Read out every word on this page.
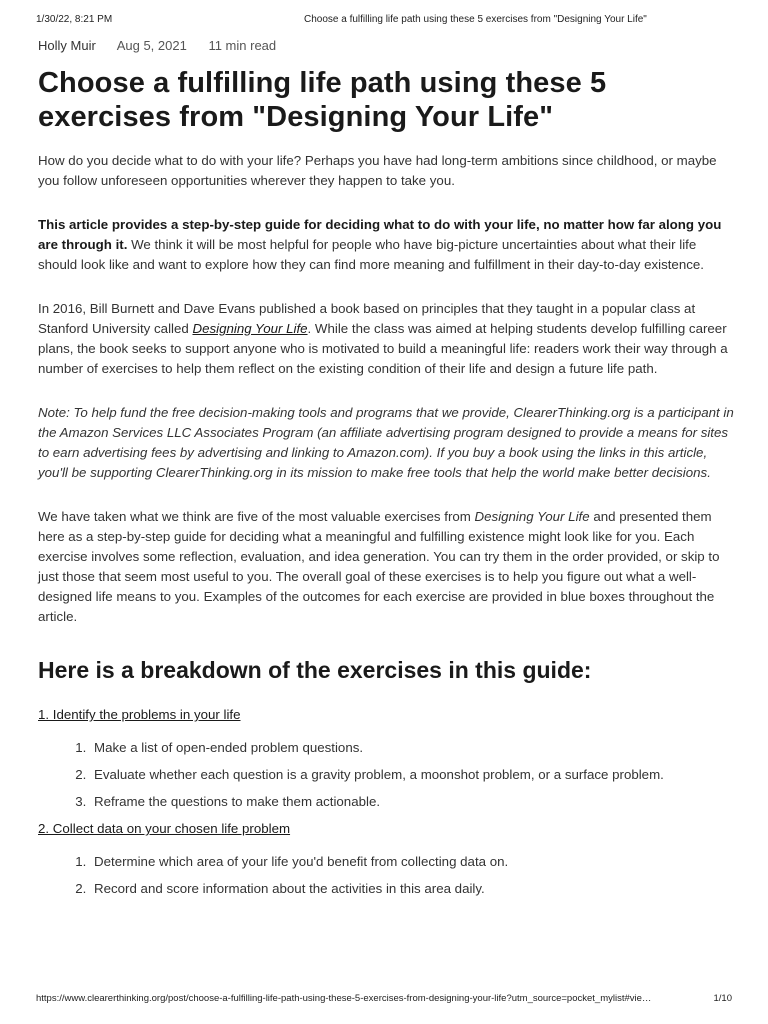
1/30/22, 8:21 PM	Choose a fulfilling life path using these 5 exercises from "Designing Your Life"
Holly Muir Aug 5, 2021 11 min read
Choose a fulfilling life path using these 5 exercises from "Designing Your Life"

How do you decide what to do with your life? Perhaps you have had long-term ambitions since childhood, or maybe you follow unforeseen opportunities wherever they happen to take you.

This article provides a step-by-step guide for deciding what to do with your life, no matter how far along you are through it. We think it will be most helpful for people who have big-picture uncertainties about what their life should look like and want to explore how they can find more meaning and fulfillment in their day-to-day existence.

In 2016, Bill Burnett and Dave Evans published a book based on principles that they taught in a popular class at Stanford University called Designing Your Life. While the class was aimed at helping students develop fulfilling career plans, the book seeks to support anyone who is motivated to build a meaningful life: readers work their way through a number of exercises to help them reflect on the existing condition of their life and design a future life path.

Note: To help fund the free decision-making tools and programs that we provide, ClearerThinking.org is a participant in the Amazon Services LLC Associates Program (an affiliate advertising program designed to provide a means for sites to earn advertising fees by advertising and linking to Amazon.com). If you buy a book using the links in this article, you'll be supporting ClearerThinking.org in its mission to make free tools that help the world make better decisions.

We have taken what we think are five of the most valuable exercises from Designing Your Life and presented them here as a step-by-step guide for deciding what a meaningful and fulfilling existence might look like for you. Each exercise involves some reflection, evaluation, and idea generation. You can try them in the order provided, or skip to just those that seem most useful to you. The overall goal of these exercises is to help you figure out what a well-designed life means to you. Examples of the outcomes for each exercise are provided in blue boxes throughout the article.

Here is a breakdown of the exercises in this guide:
1. Identify the problems in your life
1. Make a list of open-ended problem questions.
2. Evaluate whether each question is a gravity problem, a moonshot problem, or a surface problem.
3. Reframe the questions to make them actionable.
2. Collect data on your chosen life problem
1. Determine which area of your life you'd benefit from collecting data on.
2. Record and score information about the activities in this area daily.
https://www.clearerthinking.org/post/choose-a-fulfilling-life-path-using-these-5-exercises-from-designing-your-life?utm_source=pocket_mylist#vie…	1/10
